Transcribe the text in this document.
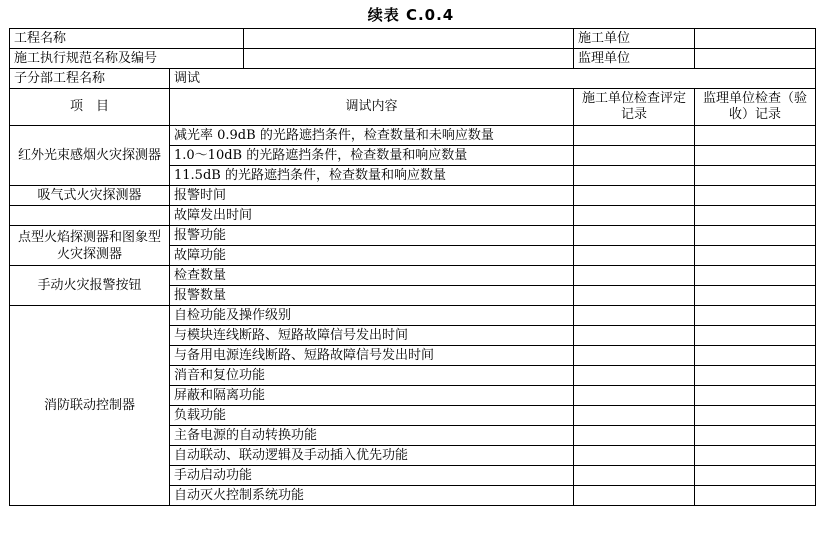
续表 C.0.4
工程名称			施工单位	
施工执行规范名称及编号			监理单位	
子分部工程名称	调试			
项　目	调试内容		施工单位检查评定记录	监理单位检查（验收）记录
红外光束感烟火灾探测器	减光率 0.9dB 的光路遮挡条件，检查数量和未响应数量			
	1.0～10dB 的光路遮挡条件，检查数量和响应数量			
	11.5dB 的光路遮挡条件，检查数量和响应数量			
吸气式火灾探测器	报警时间			
	故障发出时间			
点型火焰探测器和图象型火灾探测器	报警功能			
	故障功能			
手动火灾报警按钮	检查数量			
	报警数量			
消防联动控制器	自检功能及操作级别			
	与模块连线断路、短路故障信号发出时间			
	与备用电源连线断路、短路故障信号发出时间			
	消音和复位功能			
	屏蔽和隔离功能			
	负载功能			
	主备电源的自动转换功能			
	自动联动、联动逻辑及手动插入优先功能			
	手动启动功能			
	自动灭火控制系统功能			
